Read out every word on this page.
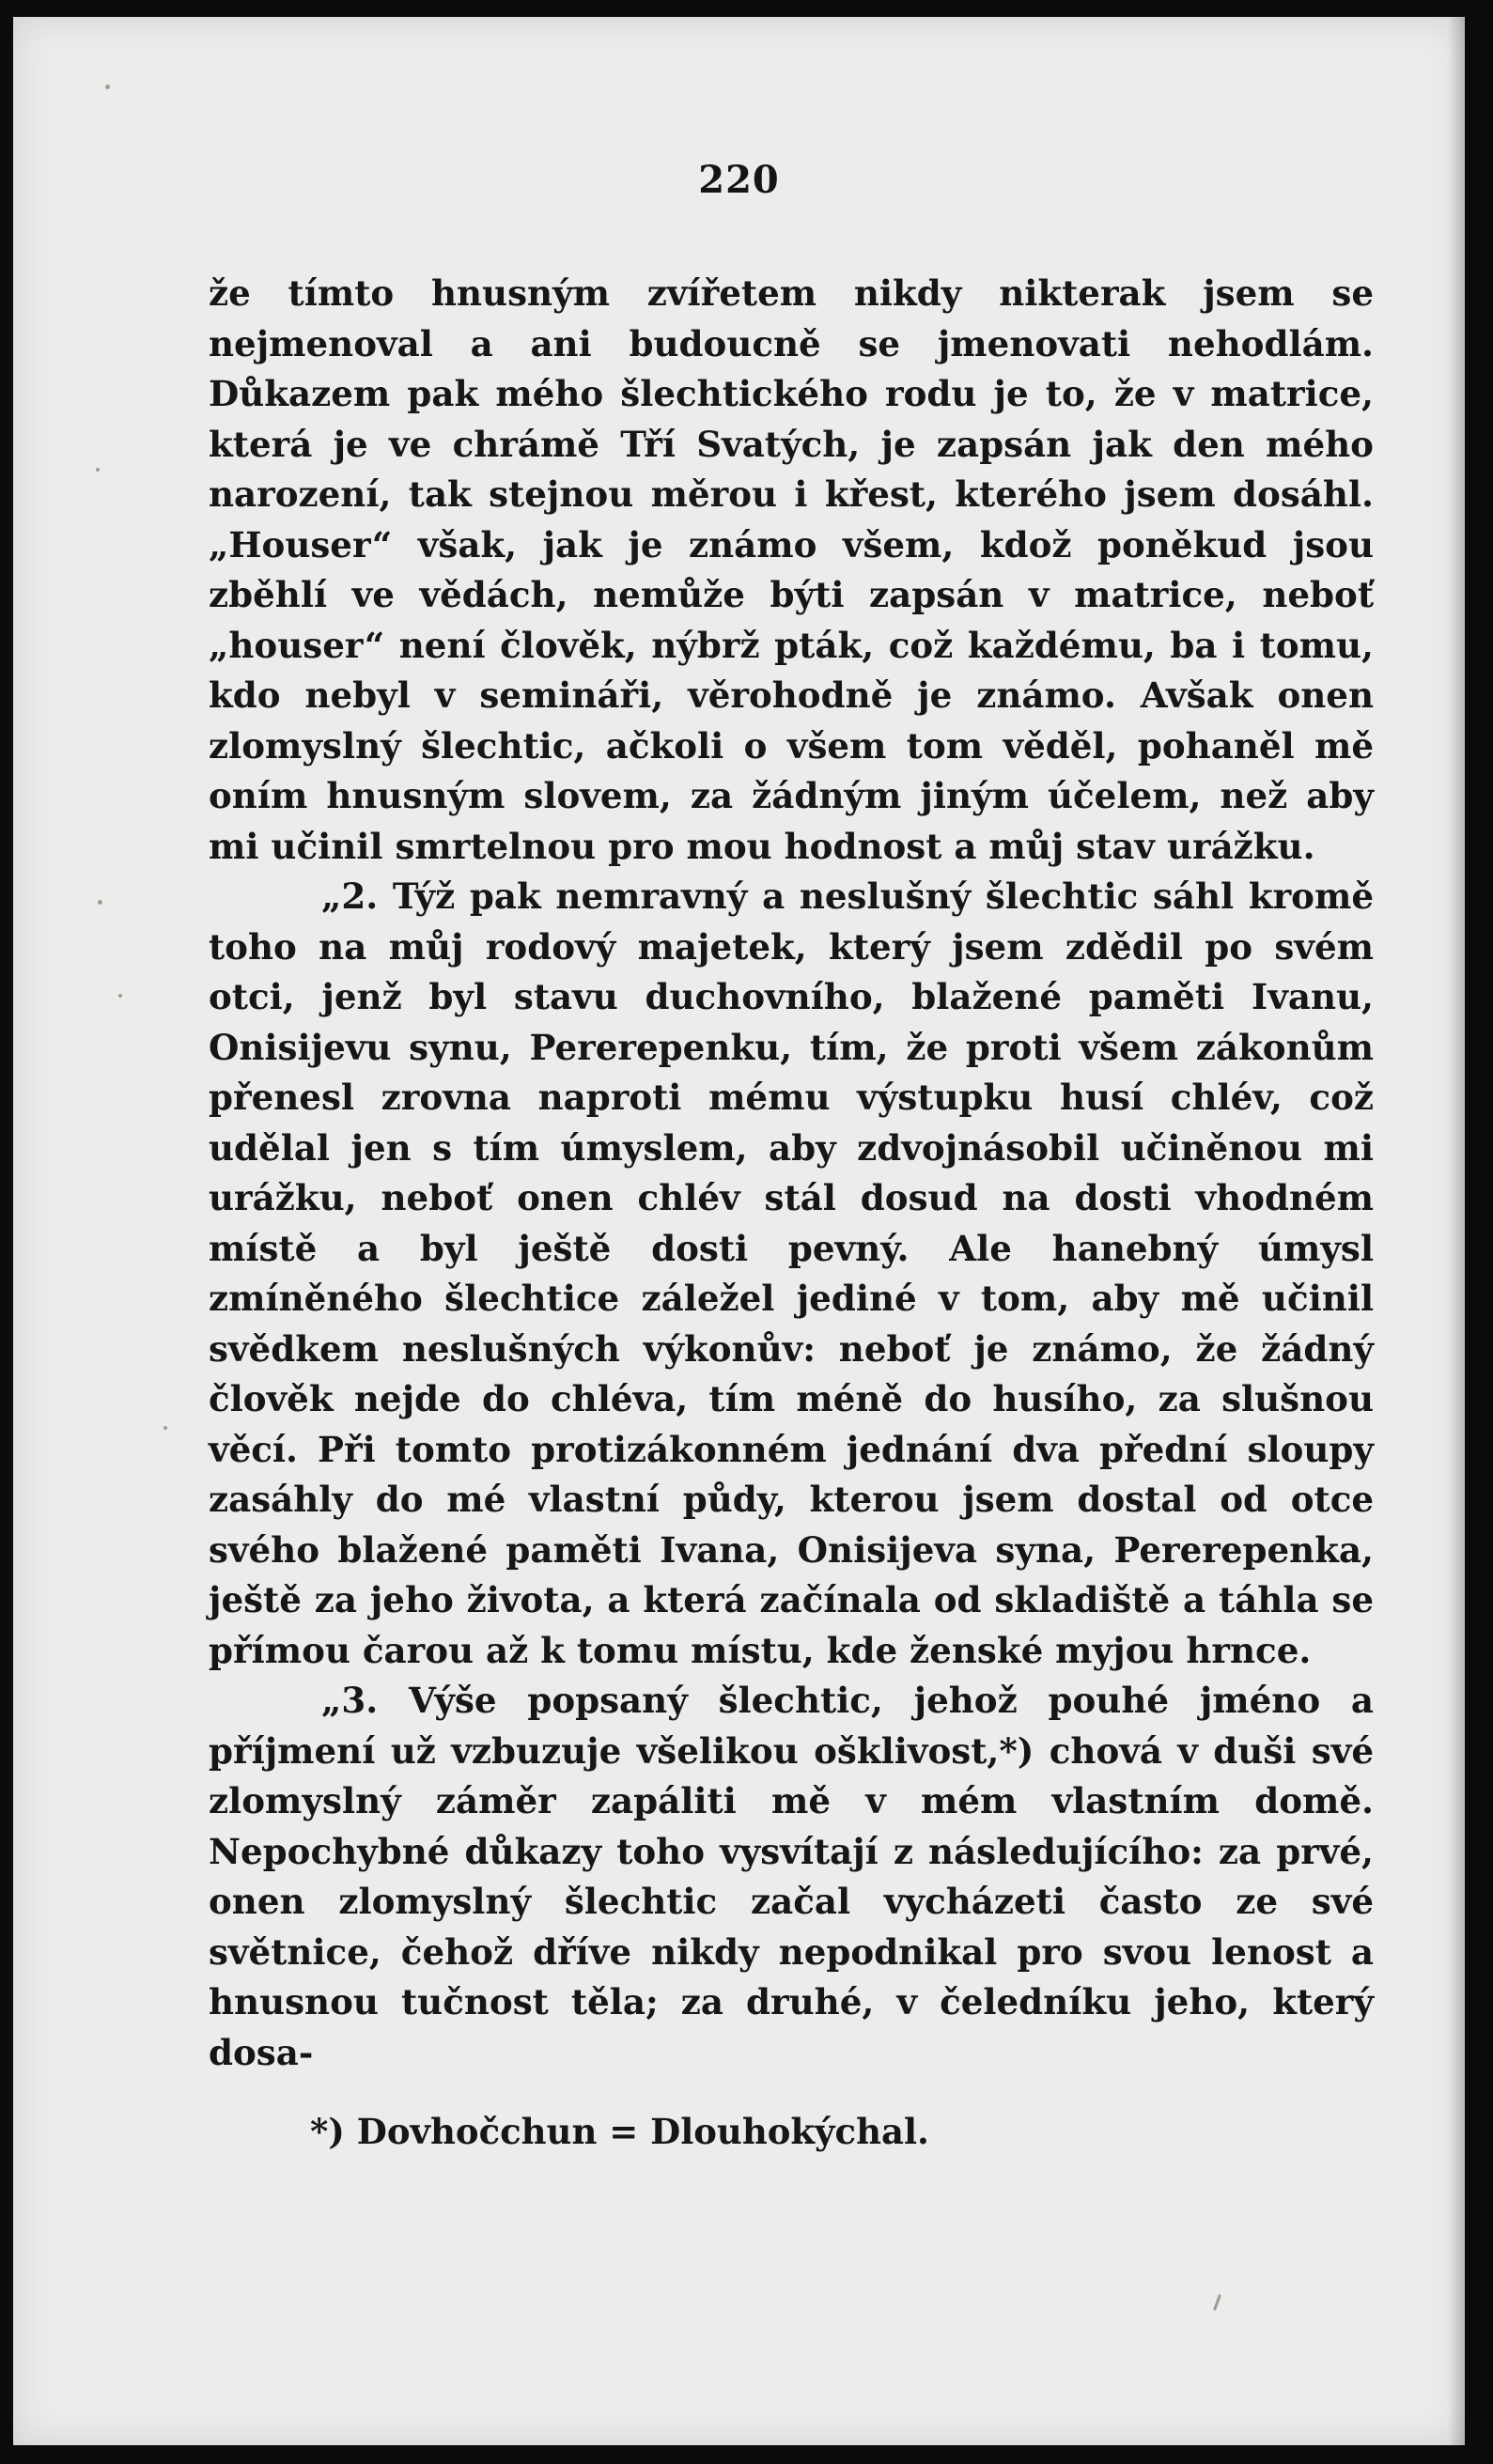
220

že tímto hnusným zvířetem nikdy nikterak jsem se nejmenoval a ani budoucně se jmenovati nehodlám. Důkazem pak mého šlechtického rodu je to, že v matrice, která je ve chrámě Tří Svatých, je zapsán jak den mého narození, tak stejnou měrou i křest, kterého jsem dosáhl. „Houser“ však, jak je známo všem, kdož poněkud jsou zběhlí ve vědách, nemůže býti zapsán v matrice, neboť „houser“ není člověk, nýbrž pták, což každému, ba i tomu, kdo nebyl v semináři, věrohodně je známo. Avšak onen zlomyslný šlechtic, ačkoli o všem tom věděl, pohaněl mě oním hnusným slovem, za žádným jiným účelem, než aby mi učinil smrtelnou pro mou hodnost a můj stav urážku.

„2. Týž pak nemravný a neslušný šlechtic sáhl kromě toho na můj rodový majetek, který jsem zdědil po svém otci, jenž byl stavu duchovního, blažené paměti Ivanu, Onisijevu synu, Pererepenku, tím, že proti všem zákonům přenesl zrovna naproti mému výstupku husí chlév, což udělal jen s tím úmyslem, aby zdvojnásobil učiněnou mi urážku, neboť onen chlév stál dosud na dosti vhodném místě a byl ještě dosti pevný. Ale hanebný úmysl zmíněného šlechtice záležel jediné v tom, aby mě učinil svědkem neslušných výkonův: neboť je známo, že žádný člověk nejde do chléva, tím méně do husího, za slušnou věcí. Při tomto protizákonném jednání dva přední sloupy zasáhly do mé vlastní půdy, kterou jsem dostal od otce svého blažené paměti Ivana, Onisijeva syna, Pererepenka, ještě za jeho života, a která začínala od skladiště a táhla se přímou čarou až k tomu místu, kde ženské myjou hrnce.

„3. Výše popsaný šlechtic, jehož pouhé jméno a příjmení už vzbuzuje všelikou ošklivost,*) chová v duši své zlomyslný záměr zapáliti mě v mém vlastním domě. Nepochybné důkazy toho vysvítají z následujícího: za prvé, onen zlomyslný šlechtic začal vycházeti často ze své světnice, čehož dříve nikdy nepodnikal pro svou lenost a hnusnou tučnost těla; za druhé, v čeledníku jeho, který dosa-

*) Dovhočchun = Dlouhokýchal.
